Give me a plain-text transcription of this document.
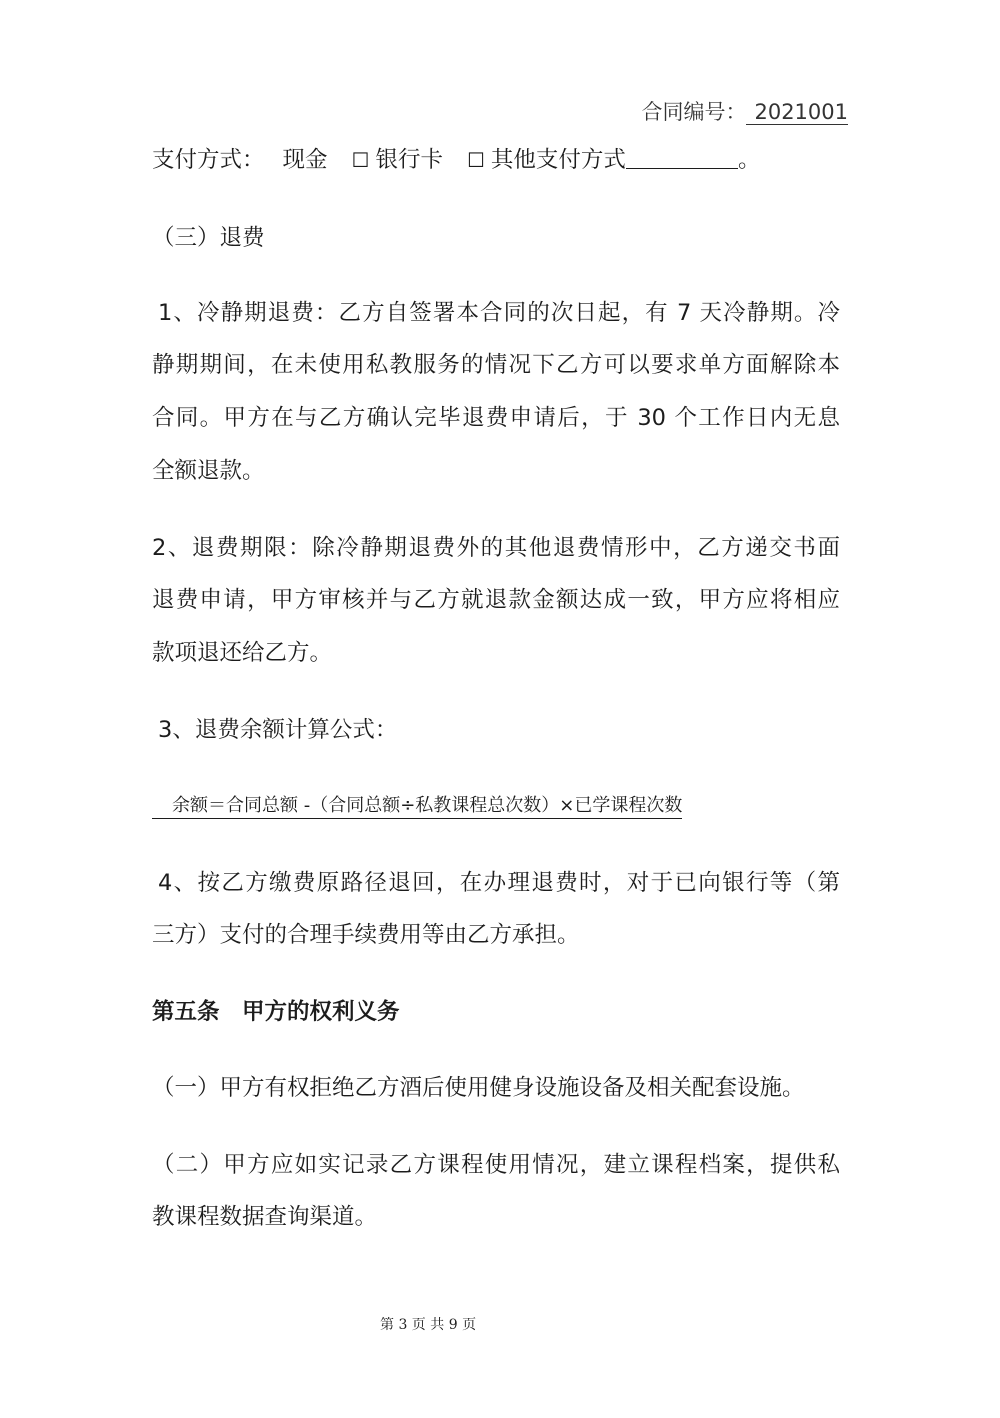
合同编号： 2021001
支付方式： 现金 ☐ 银行卡 ☐ 其他支付方式	。
（三）退费
1、冷静期退费：乙方自签署本合同的次日起，有 7 天冷静期。冷
静期期间，在未使用私教服务的情况下乙方可以要求单方面解除本
合同。甲方在与乙方确认完毕退费申请后，于 30 个工作日内无息
全额退款。
2、退费期限：除冷静期退费外的其他退费情形中，乙方递交书面
退费申请，甲方审核并与乙方就退款金额达成一致，甲方应将相应
款项退还给乙方。
3、退费余额计算公式：
余额＝合同总额 -（合同总额÷私教课程总次数）×已学课程次数
4、按乙方缴费原路径退回，在办理退费时，对于已向银行等（第
三方）支付的合理手续费用等由乙方承担。
第五条　甲方的权利义务
（一）甲方有权拒绝乙方酒后使用健身设施设备及相关配套设施。
（二）甲方应如实记录乙方课程使用情况，建立课程档案，提供私
教课程数据查询渠道。
第 3 页 共 9 页
